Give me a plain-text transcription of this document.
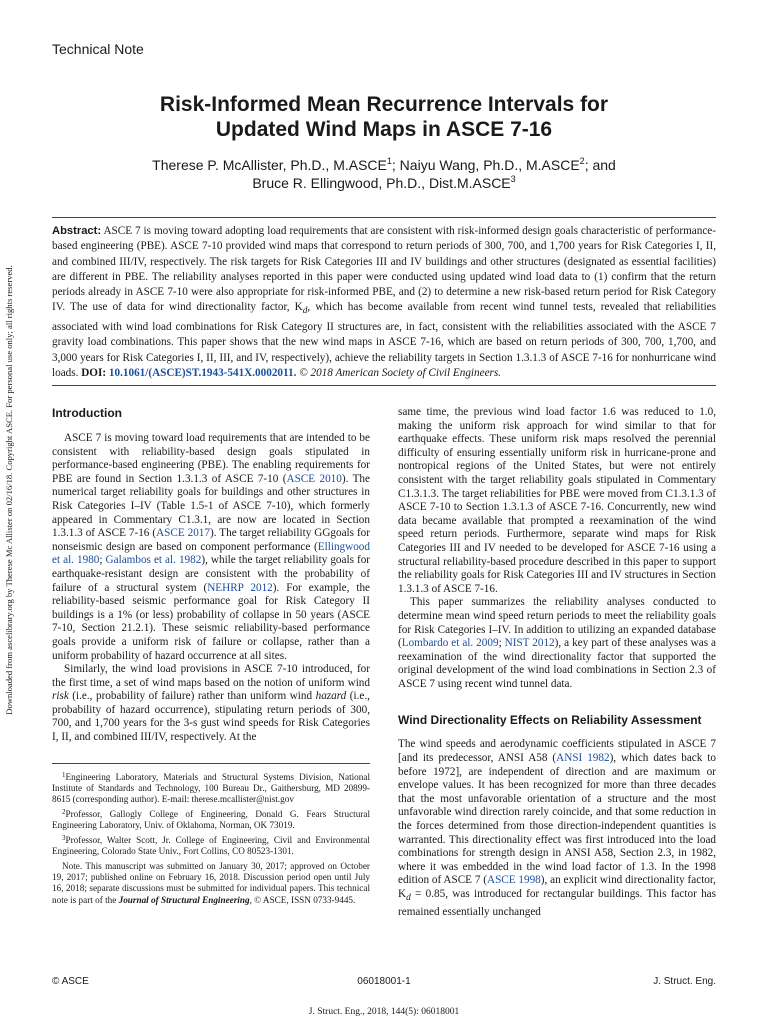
Downloaded from ascelibrary.org by Therese Mc Allister on 02/16/18. Copyright ASCE. For personal use only; all rights reserved.
Technical Note
Risk-Informed Mean Recurrence Intervals for
Updated Wind Maps in ASCE 7-16
Therese P. McAllister, Ph.D., M.ASCE$^1$; Naiyu Wang, Ph.D., M.ASCE$^2$; and
Bruce R. Ellingwood, Ph.D., Dist.M.ASCE$^3$

Abstract: ASCE 7 is moving toward adopting load requirements that are consistent with risk-informed design goals characteristic of performance-based engineering (PBE). ASCE 7-10 provided wind maps that correspond to return periods of 300, 700, and 1,700 years for Risk Categories I, II, and combined III/IV, respectively. The risk targets for Risk Categories III and IV buildings and other structures (designated as essential facilities) are different in PBE. The reliability analyses reported in this paper were conducted using updated wind load data to (1) confirm that the return periods already in ASCE 7-10 were also appropriate for risk-informed PBE, and (2) to determine a new risk-based return period for Risk Category IV. The use of data for wind directionality factor, $K_d$, which has become available from recent wind tunnel tests, revealed that reliabilities associated with wind load combinations for Risk Category II structures are, in fact, consistent with the reliabilities associated with the ASCE 7 gravity load combinations. This paper shows that the new wind maps in ASCE 7-16, which are based on return periods of 300, 700, 1,700, and 3,000 years for Risk Categories I, II, III, and IV, respectively), achieve the reliability targets in Section 1.3.1.3 of ASCE 7-16 for nonhurricane wind loads. DOI: 10.1061/(ASCE)ST.1943-541X.0002011. © 2018 American Society of Civil Engineers.

Introduction

ASCE 7 is moving toward load requirements that are intended to be consistent with reliability-based design goals stipulated in performance-based engineering (PBE). The enabling requirements for PBE are found in Section 1.3.1.3 of ASCE 7-10 (ASCE 2010). The numerical target reliability goals for buildings and other structures in Risk Categories I–IV (Table 1.5-1 of ASCE 7-10), which formerly appeared in Commentary C1.3.1, are now are located in Section 1.3.1.3 of ASCE 7-16 (ASCE 2017). The target reliability GGgoals for nonseismic design are based on component performance (Ellingwood et al. 1980; Galambos et al. 1982), while the target reliability goals for earthquake-resistant design are consistent with the probability of failure of a structural system (NEHRP 2012). For example, the reliability-based seismic performance goal for Risk Category II buildings is a 1% (or less) probability of collapse in 50 years (ASCE 7-10, Section 21.2.1). These seismic reliability-based performance goals provide a uniform risk of failure or collapse, rather than a uniform probability of hazard occurrence at all sites.

Similarly, the wind load provisions in ASCE 7-10 introduced, for the first time, a set of wind maps based on the notion of uniform wind risk (i.e., probability of failure) rather than uniform wind hazard (i.e., probability of hazard occurrence), stipulating return periods of 300, 700, and 1,700 years for the 3-s gust wind speeds for Risk Categories I, II, and combined III/IV, respectively. At the

$^1$Engineering Laboratory, Materials and Structural Systems Division, National Institute of Standards and Technology, 100 Bureau Dr., Gaithersburg, MD 20899-8615 (corresponding author). E-mail: therese.mcallister@nist.gov

$^2$Professor, Gallogly College of Engineering, Donald G. Fears Structural Engineering Laboratory, Univ. of Oklahoma, Norman, OK 73019.

$^3$Professor, Walter Scott, Jr. College of Engineering, Civil and Environmental Engineering, Colorado State Univ., Fort Collins, CO 80523-1301.

Note. This manuscript was submitted on January 30, 2017; approved on October 19, 2017; published online on February 16, 2018. Discussion period open until July 16, 2018; separate discussions must be submitted for individual papers. This technical note is part of the Journal of Structural Engineering, © ASCE, ISSN 0733-9445.

same time, the previous wind load factor 1.6 was reduced to 1.0, making the uniform risk approach for wind similar to that for earthquake effects. These uniform risk maps resolved the perennial difficulty of ensuring essentially uniform risk in hurricane-prone and nontropical regions of the United States, but were not entirely consistent with the target reliability goals stipulated in Commentary C1.3.1.3. The target reliabilities for PBE were moved from C1.3.1.3 of ASCE 7-10 to Section 1.3.1.3 of ASCE 7-16. Concurrently, new wind data became available that prompted a reexamination of the wind speed return periods. Furthermore, separate wind maps for Risk Categories III and IV needed to be developed for ASCE 7-16 using a structural reliability-based procedure described in this paper to support the reliability goals for Risk Categories III and IV structures in Section 1.3.1.3 of ASCE 7-16.

This paper summarizes the reliability analyses conducted to determine mean wind speed return periods to meet the reliability goals for Risk Categories I–IV. In addition to utilizing an expanded database (Lombardo et al. 2009; NIST 2012), a key part of these analyses was a reexamination of the wind directionality factor that supported the original development of the wind load combinations in Section 2.3 of ASCE 7 using recent wind tunnel data.

Wind Directionality Effects on Reliability Assessment

The wind speeds and aerodynamic coefficients stipulated in ASCE 7 [and its predecessor, ANSI A58 (ANSI 1982), which dates back to before 1972], are independent of direction and are maximum or envelope values. It has been recognized for more than three decades that the most unfavorable orientation of a structure and the most unfavorable wind direction rarely coincide, and that some reduction in the forces determined from those direction-independent quantities is warranted. This directionality effect was first introduced into the load combinations for strength design in ANSI A58, Section 2.3, in 1982, where it was embedded in the wind load factor of 1.3. In the 1998 edition of ASCE 7 (ASCE 1998), an explicit wind directionality factor, $K_d = 0.85$, was introduced for rectangular buildings. This factor has remained essentially unchanged

© ASCE	06018001-1	J. Struct. Eng.
J. Struct. Eng., 2018, 144(5): 06018001
